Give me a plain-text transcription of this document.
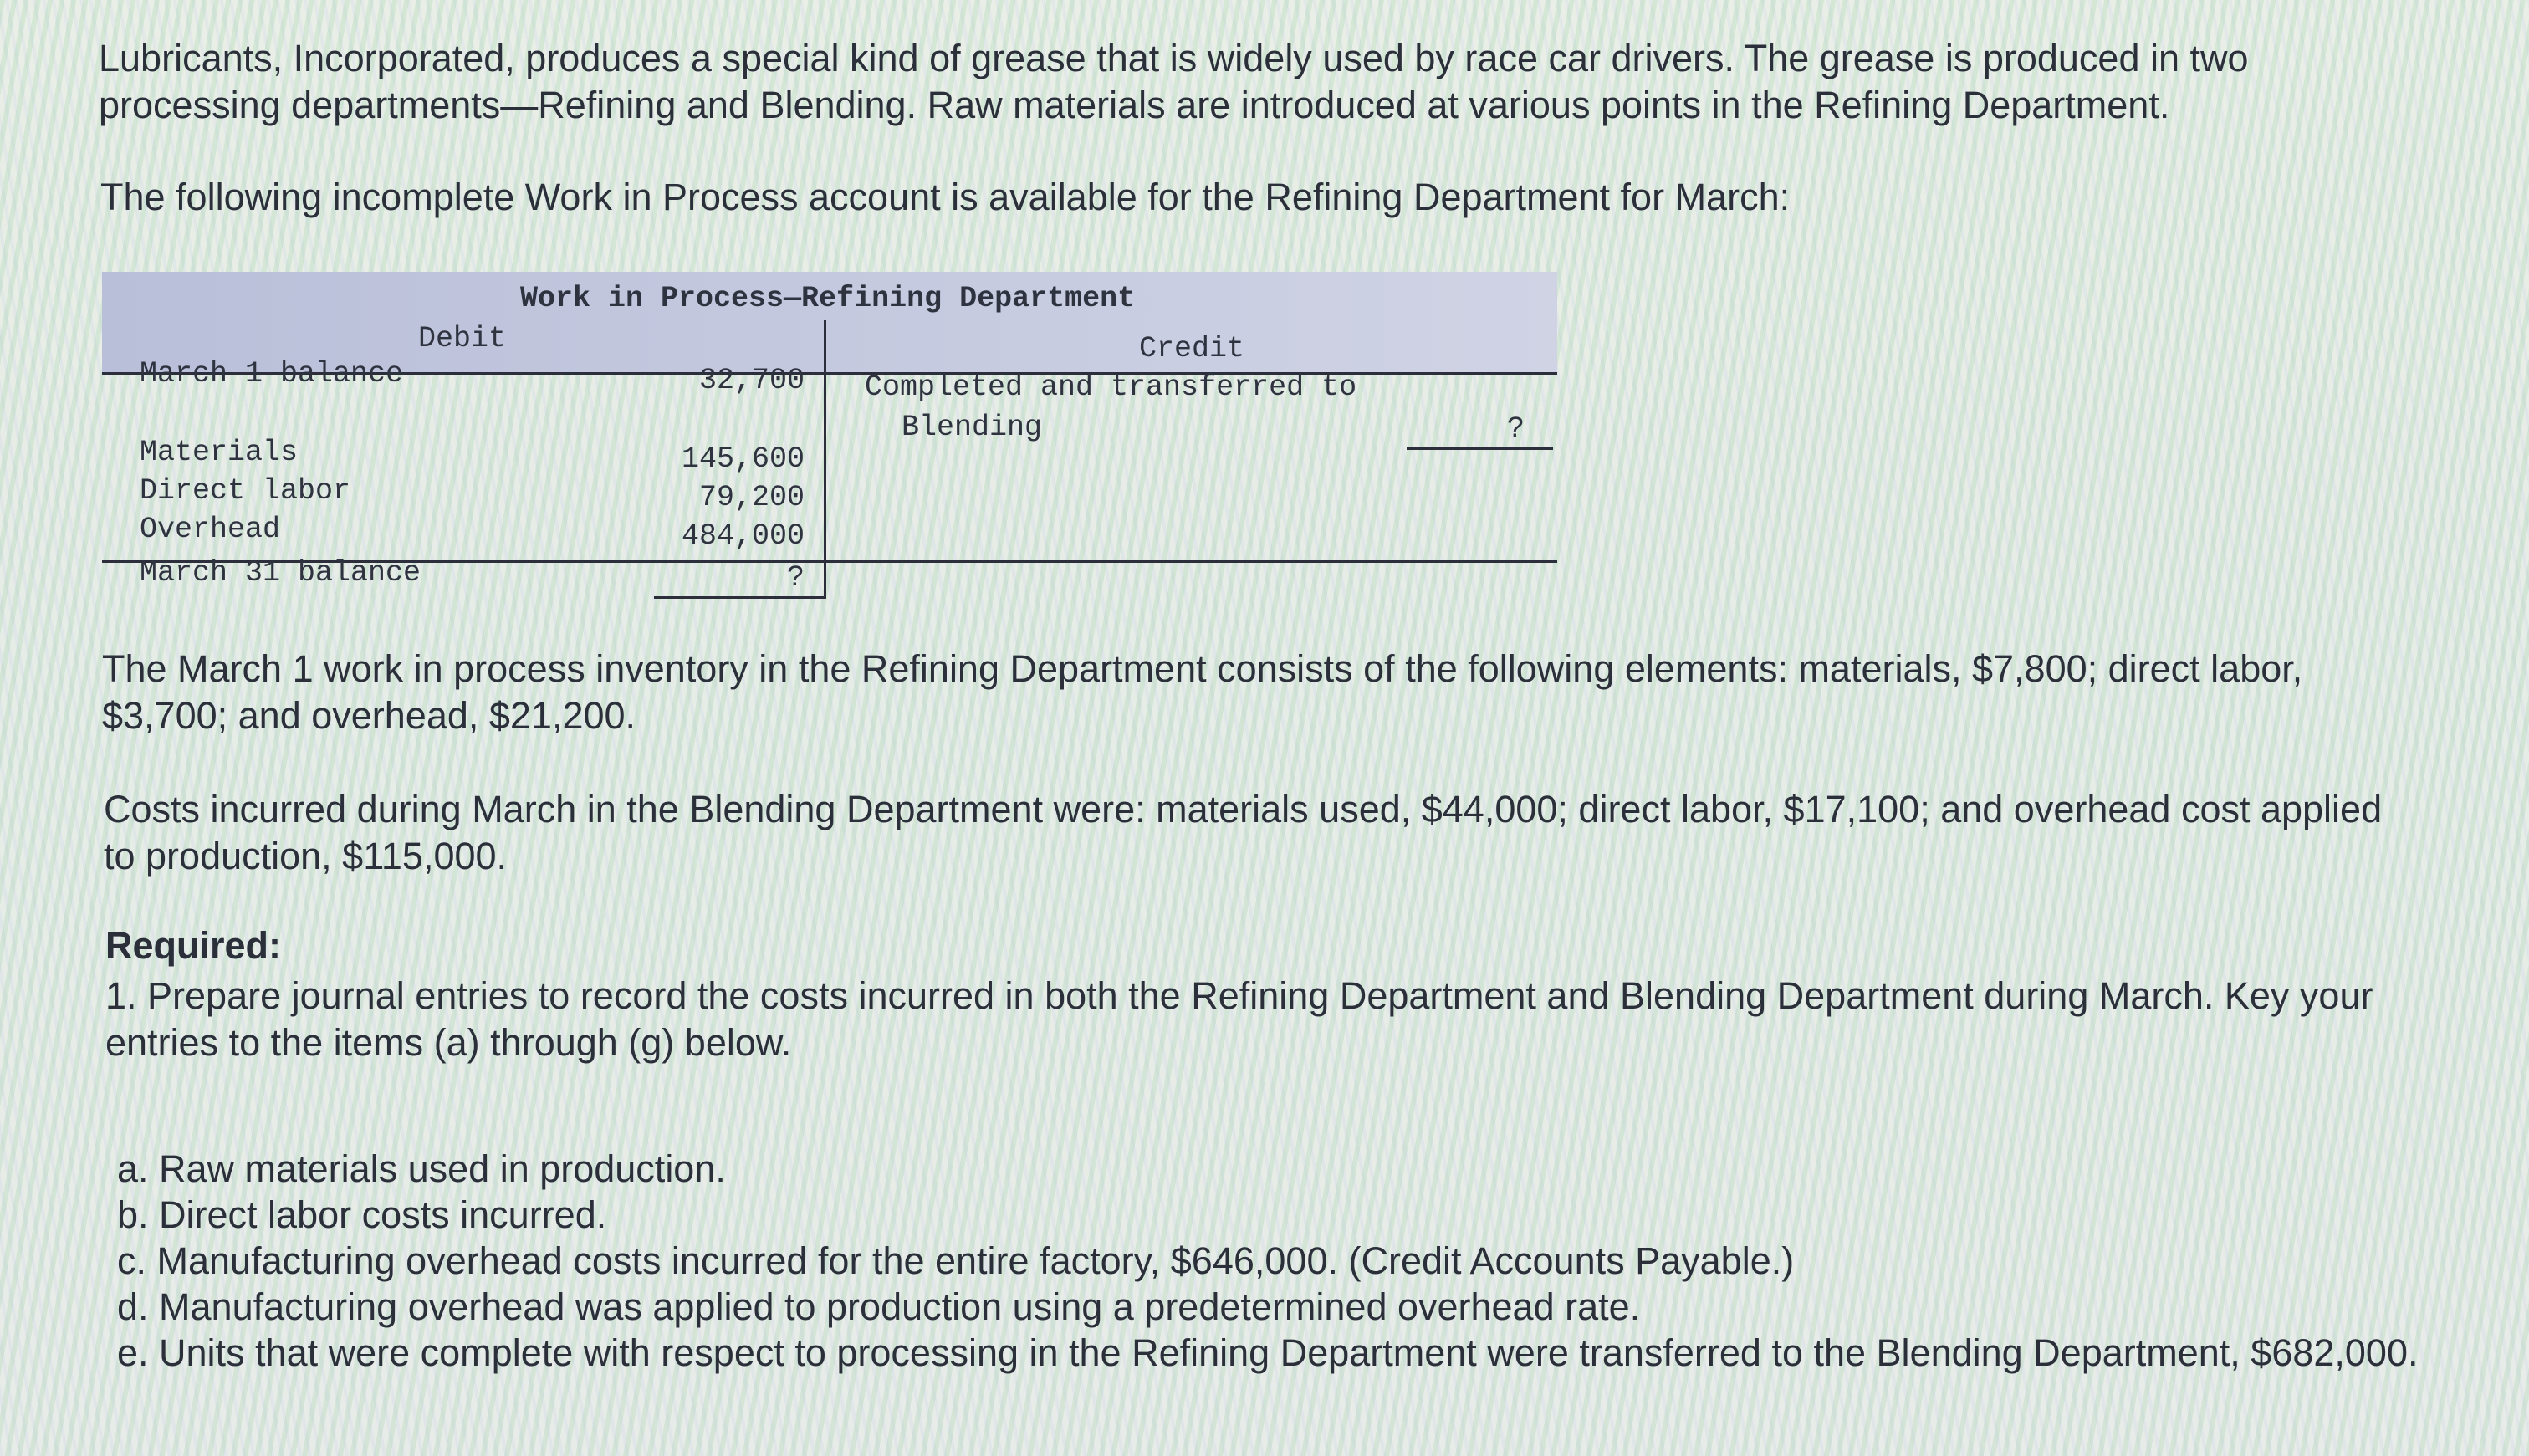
Lubricants, Incorporated, produces a special kind of grease that is widely used by race car drivers. The grease is produced in two processing departments—Refining and Blending. Raw materials are introduced at various points in the Refining Department.

The following incomplete Work in Process account is available for the Refining Department for March:

Work in Process—Refining Department
Debit	Credit
March 1 balance	32,700
Materials	145,600
Direct labor	79,200
Overhead	484,000
March 31 balance	?
Completed and transferred to
Blending	?

The March 1 work in process inventory in the Refining Department consists of the following elements: materials, $7,800; direct labor, $3,700; and overhead, $21,200.

Costs incurred during March in the Blending Department were: materials used, $44,000; direct labor, $17,100; and overhead cost applied to production, $115,000.

Required:

1. Prepare journal entries to record the costs incurred in both the Refining Department and Blending Department during March. Key your entries to the items (a) through (g) below.

a. Raw materials used in production.
b. Direct labor costs incurred.
c. Manufacturing overhead costs incurred for the entire factory, $646,000. (Credit Accounts Payable.)
d. Manufacturing overhead was applied to production using a predetermined overhead rate.
e. Units that were complete with respect to processing in the Refining Department were transferred to the Blending Department, $682,000.
